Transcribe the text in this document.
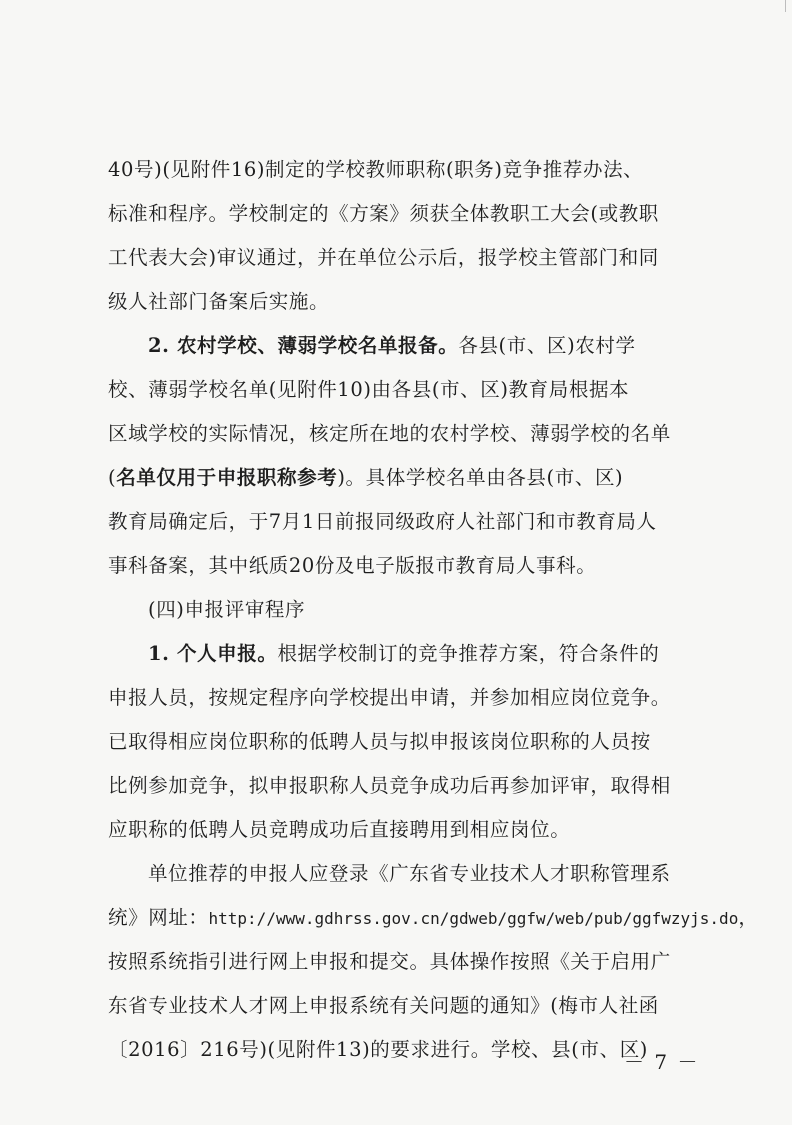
40号)(见附件16)制定的学校教师职称(职务)竞争推荐办法、
标准和程序。学校制定的《方案》须获全体教职工大会(或教职
工代表大会)审议通过，并在单位公示后，报学校主管部门和同
级人社部门备案后实施。
2. 农村学校、薄弱学校名单报备。各县(市、区)农村学
校、薄弱学校名单(见附件10)由各县(市、区)教育局根据本
区域学校的实际情况，核定所在地的农村学校、薄弱学校的名单
(名单仅用于申报职称参考)。具体学校名单由各县(市、区)
教育局确定后，于7月1日前报同级政府人社部门和市教育局人
事科备案，其中纸质20份及电子版报市教育局人事科。
(四)申报评审程序
1. 个人申报。根据学校制订的竞争推荐方案，符合条件的
申报人员，按规定程序向学校提出申请，并参加相应岗位竞争。
已取得相应岗位职称的低聘人员与拟申报该岗位职称的人员按
比例参加竞争，拟申报职称人员竞争成功后再参加评审，取得相
应职称的低聘人员竞聘成功后直接聘用到相应岗位。
单位推荐的申报人应登录《广东省专业技术人才职称管理系
统》网址：http://www.gdhrss.gov.cn/gdweb/ggfw/web/pub/ggfwzyjs.do，
按照系统指引进行网上申报和提交。具体操作按照《关于启用广
东省专业技术人才网上申报系统有关问题的通知》(梅市人社函
〔2016〕216号)(见附件13)的要求进行。学校、县(市、区)
－ 7 －
